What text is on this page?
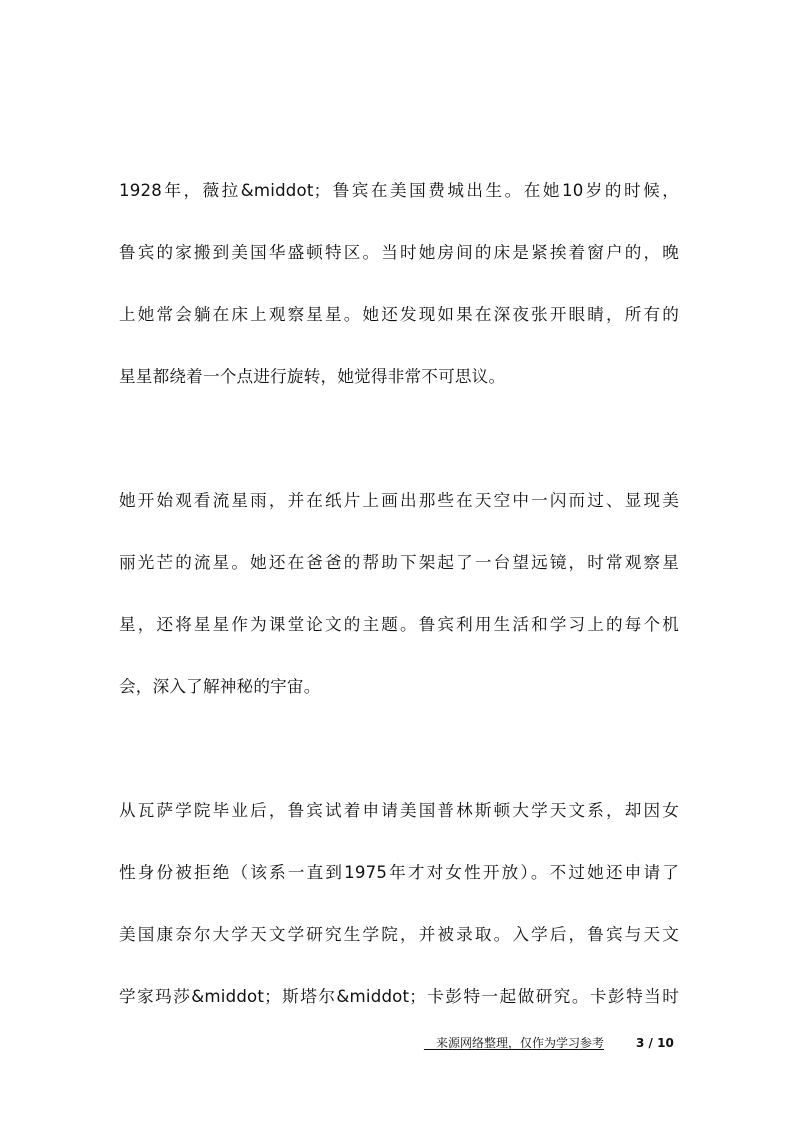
1928年，薇拉&middot；鲁宾在美国费城出生。在她10岁的时候，
鲁宾的家搬到美国华盛顿特区。当时她房间的床是紧挨着窗户的，晚
上她常会躺在床上观察星星。她还发现如果在深夜张开眼睛，所有的
星星都绕着一个点进行旋转，她觉得非常不可思议。
她开始观看流星雨，并在纸片上画出那些在天空中一闪而过、显现美
丽光芒的流星。她还在爸爸的帮助下架起了一台望远镜，时常观察星
星，还将星星作为课堂论文的主题。鲁宾利用生活和学习上的每个机
会，深入了解神秘的宇宙。
从瓦萨学院毕业后，鲁宾试着申请美国普林斯顿大学天文系，却因女
性身份被拒绝（该系一直到1975年才对女性开放）。不过她还申请了
美国康奈尔大学天文学研究生学院，并被录取。入学后，鲁宾与天文
学家玛莎&middot；斯塔尔&middot；卡彭特一起做研究。卡彭特当时
__来源网络整理，仅作为学习参考	3 / 10
